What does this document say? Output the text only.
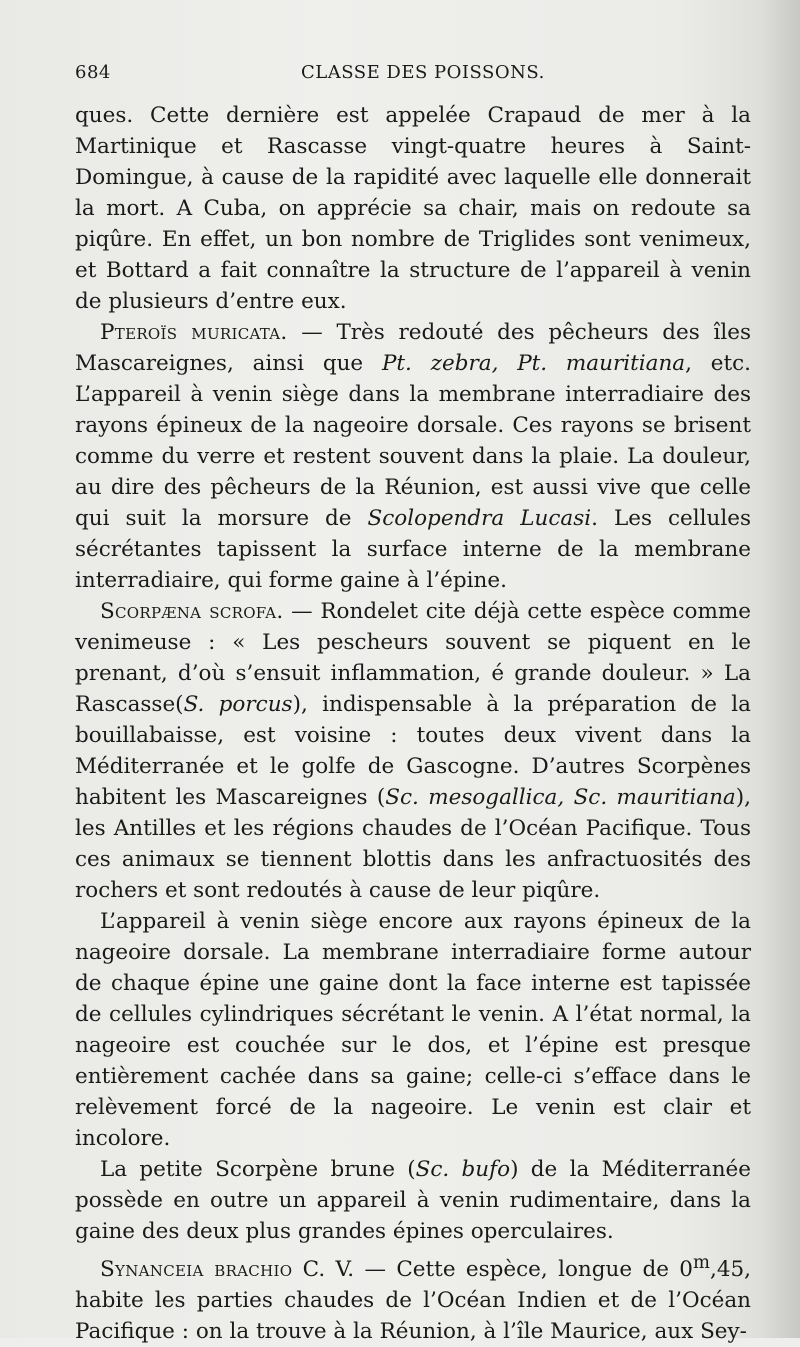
684	CLASSE DES POISSONS.

ques. Cette dernière est appelée Crapaud de mer à la Martinique et Rascasse vingt-quatre heures à Saint-Domingue, à cause de la rapidité avec laquelle elle donnerait la mort. A Cuba, on apprécie sa chair, mais on redoute sa piqûre. En effet, un bon nombre de Triglides sont venimeux, et Bottard a fait connaître la structure de l’appareil à venin de plusieurs d’entre eux.

Pteroïs muricata. — Très redouté des pêcheurs des îles Mascareignes, ainsi que Pt. zebra, Pt. mauritiana, etc. L’appareil à venin siège dans la membrane interradiaire des rayons épineux de la nageoire dorsale. Ces rayons se brisent comme du verre et restent souvent dans la plaie. La douleur, au dire des pêcheurs de la Réunion, est aussi vive que celle qui suit la morsure de Scolopendra Lucasi. Les cellules sécrétantes tapissent la surface interne de la membrane interradiaire, qui forme gaine à l’épine.

Scorpæna scrofa. — Rondelet cite déjà cette espèce comme venimeuse : « Les pescheurs souvent se piquent en le prenant, d’où s’ensuit inflammation, é grande douleur. » La Rascasse(S. porcus), indispensable à la préparation de la bouillabaisse, est voisine : toutes deux vivent dans la Méditerranée et le golfe de Gascogne. D’autres Scorpènes habitent les Mascareignes (Sc. mesogallica, Sc. mauritiana), les Antilles et les régions chaudes de l’Océan Pacifique. Tous ces animaux se tiennent blottis dans les anfractuosités des rochers et sont redoutés à cause de leur piqûre.

L’appareil à venin siège encore aux rayons épineux de la nageoire dorsale. La membrane interradiaire forme autour de chaque épine une gaine dont la face interne est tapissée de cellules cylindriques sécrétant le venin. A l’état normal, la nageoire est couchée sur le dos, et l’épine est presque entièrement cachée dans sa gaine; celle-ci s’efface dans le relèvement forcé de la nageoire. Le venin est clair et incolore.

La petite Scorpène brune (Sc. bufo) de la Méditerranée possède en outre un appareil à venin rudimentaire, dans la gaine des deux plus grandes épines operculaires.

Synanceia brachio C. V. — Cette espèce, longue de 0$^m$,45, habite les parties chaudes de l’Océan Indien et de l’Océan Pacifique : on la trouve à la Réunion, à l’île Maurice, aux Sey-
